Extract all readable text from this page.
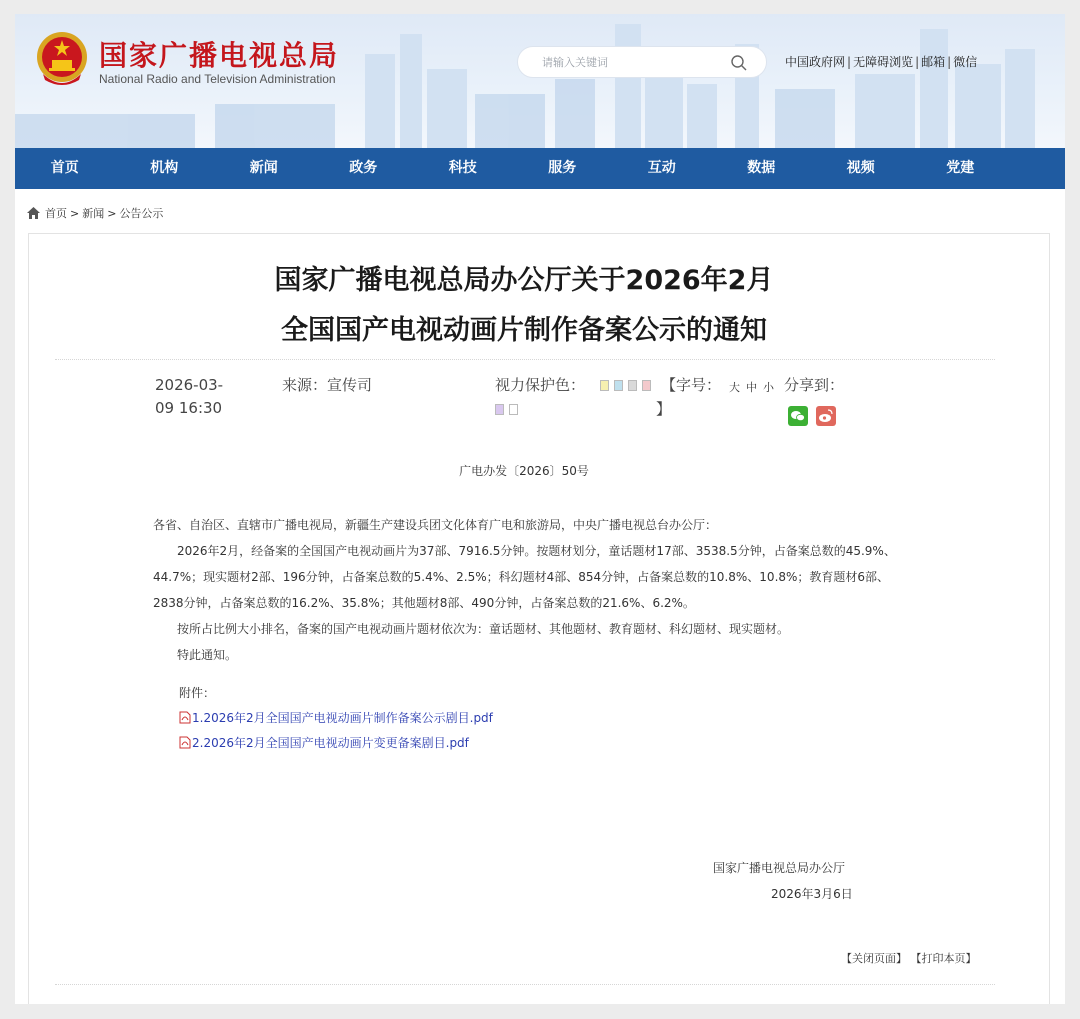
国家广播电视总局
National Radio and Television Administration
请输入关键词
中国政府网 | 无障碍浏览 | 邮箱 | 微信
首页	机构	新闻	政务	科技	服务	互动	数据	视频	党建
首页 > 新闻 > 公告公示
国家广播电视总局办公厅关于2026年2月
全国国产电视动画片制作备案公示的通知
2026-03-
09 16:30
来源：宣传司	视力保护色：	【字号： 大 中 小
】
分享到：
广电办发〔2026〕50号

各省、自治区、直辖市广播电视局，新疆生产建设兵团文化体育广电和旅游局，中央广播电视总台办公厅：

2026年2月，经备案的全国国产电视动画片为37部、7916.5分钟。按题材划分，童话题材17部、3538.5分钟，占备案总数的45.9%、44.7%；现实题材2部、196分钟，占备案总数的5.4%、2.5%；科幻题材4部、854分钟，占备案总数的10.8%、10.8%；教育题材6部、2838分钟，占备案总数的16.2%、35.8%；其他题材8部、490分钟，占备案总数的21.6%、6.2%。

按所占比例大小排名，备案的国产电视动画片题材依次为：童话题材、其他题材、教育题材、科幻题材、现实题材。

特此通知。

附件：
1.2026年2月全国国产电视动画片制作备案公示剧目.pdf
2.2026年2月全国国产电视动画片变更备案剧目.pdf
国家广播电视总局办公厅
2026年3月6日
【关闭页面】 【打印本页】
